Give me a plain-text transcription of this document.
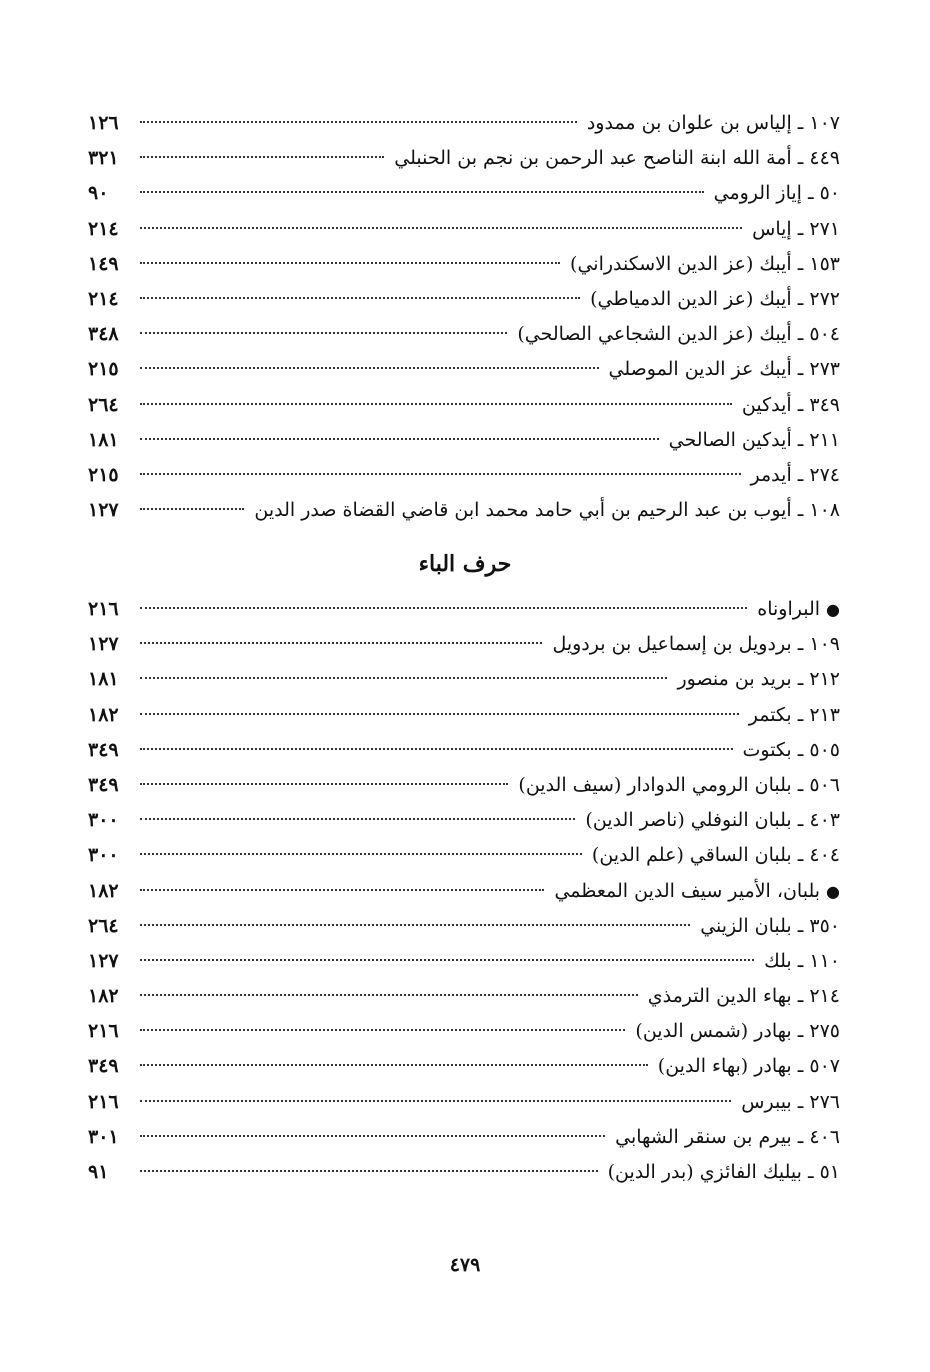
١٠٧ ـ إلياس بن علوان بن ممدود
١٢٦
٤٤٩ ـ أمة الله ابنة الناصح عبد الرحمن بن نجم بن الحنبلي
٣٢١
٥٠ ـ إياز الرومي
٩٠
٢٧١ ـ إياس
٢١٤
١٥٣ ـ أيبك (عز الدين الاسكندراني)
١٤٩
٢٧٢ ـ أيبك (عز الدين الدمياطي)
٢١٤
٥٠٤ ـ أيبك (عز الدين الشجاعي الصالحي)
٣٤٨
٢٧٣ ـ أيبك عز الدين الموصلي
٢١٥
٣٤٩ ـ أيدكين
٢٦٤
٢١١ ـ أيدكين الصالحي
١٨١
٢٧٤ ـ أيدمر
٢١٥
١٠٨ ـ أيوب بن عبد الرحيم بن أبي حامد محمد ابن قاضي القضاة صدر الدين
١٢٧
حرف الباء
●البراوناه
٢١٦
١٠٩ ـ بردويل بن إسماعيل بن بردويل
١٢٧
٢١٢ ـ بريد بن منصور
١٨١
٢١٣ ـ بكتمر
١٨٢
٥٠٥ ـ بكتوت
٣٤٩
٥٠٦ ـ بلبان الرومي الدوادار (سيف الدين)
٣٤٩
٤٠٣ ـ بلبان النوفلي (ناصر الدين)
٣٠٠
٤٠٤ ـ بلبان الساقي (علم الدين)
٣٠٠
●بلبان، الأمير سيف الدين المعظمي
١٨٢
٣٥٠ ـ بلبان الزيني
٢٦٤
١١٠ ـ بلك
١٢٧
٢١٤ ـ بهاء الدين الترمذي
١٨٢
٢٧٥ ـ بهادر (شمس الدين)
٢١٦
٥٠٧ ـ بهادر (بهاء الدين)
٣٤٩
٢٧٦ ـ بيبرس
٢١٦
٤٠٦ ـ بيرم بن سنقر الشهابي
٣٠١
٥١ ـ بيليك الفائزي (بدر الدين)
٩١
٤٧٩
